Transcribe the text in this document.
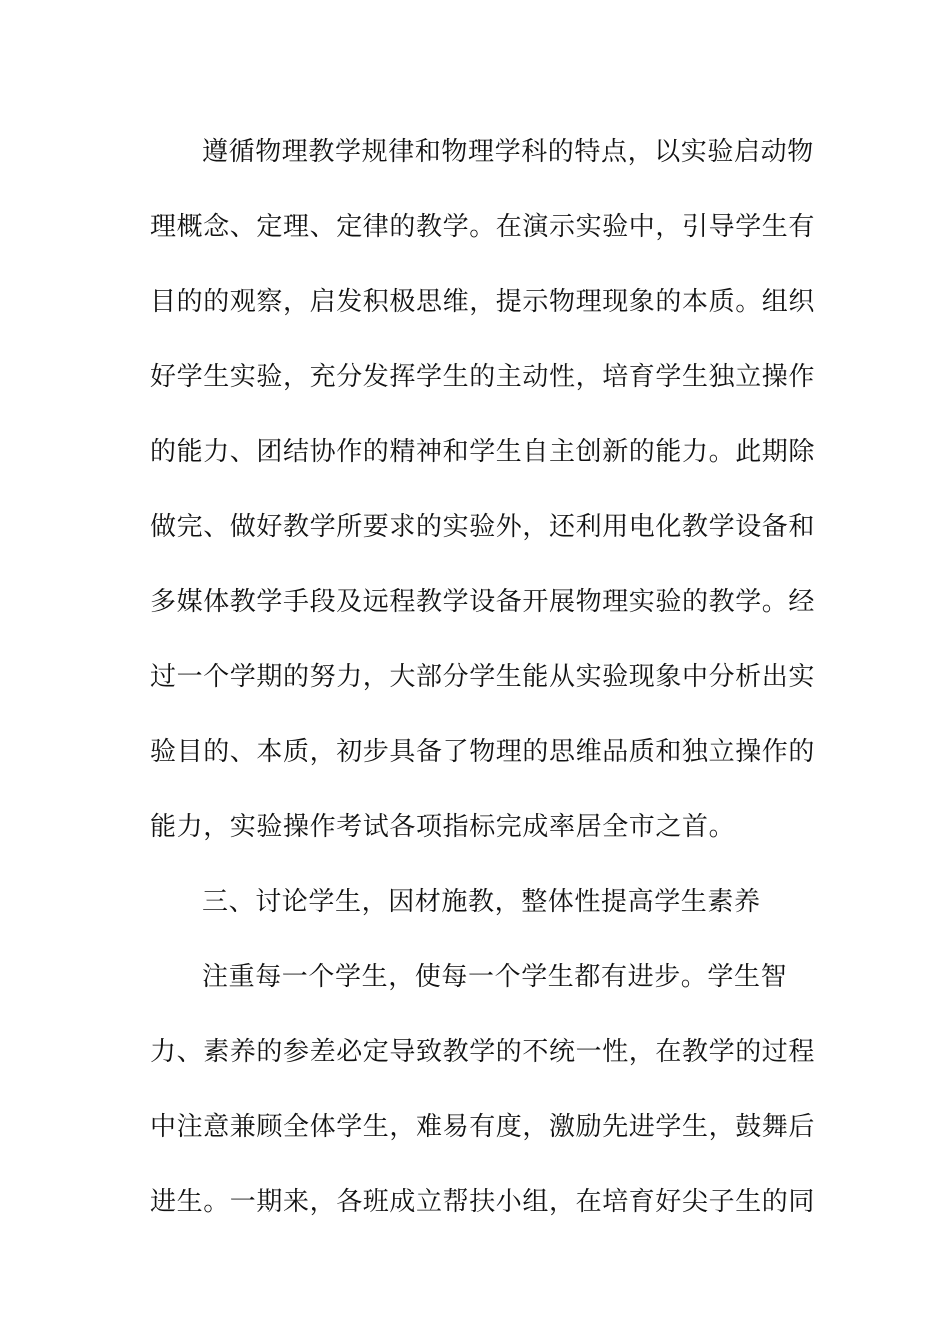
遵循物理教学规律和物理学科的特点，以实验启动物
理概念、定理、定律的教学。在演示实验中，引导学生有
目的的观察，启发积极思维，提示物理现象的本质。组织
好学生实验，充分发挥学生的主动性，培育学生独立操作
的能力、团结协作的精神和学生自主创新的能力。此期除
做完、做好教学所要求的实验外，还利用电化教学设备和
多媒体教学手段及远程教学设备开展物理实验的教学。经
过一个学期的努力，大部分学生能从实验现象中分析出实
验目的、本质，初步具备了物理的思维品质和独立操作的
能力，实验操作考试各项指标完成率居全市之首。
三、讨论学生，因材施教，整体性提高学生素养
注重每一个学生，使每一个学生都有进步。学生智
力、素养的参差必定导致教学的不统一性，在教学的过程
中注意兼顾全体学生，难易有度，激励先进学生，鼓舞后
进生。一期来，各班成立帮扶小组，在培育好尖子生的同
